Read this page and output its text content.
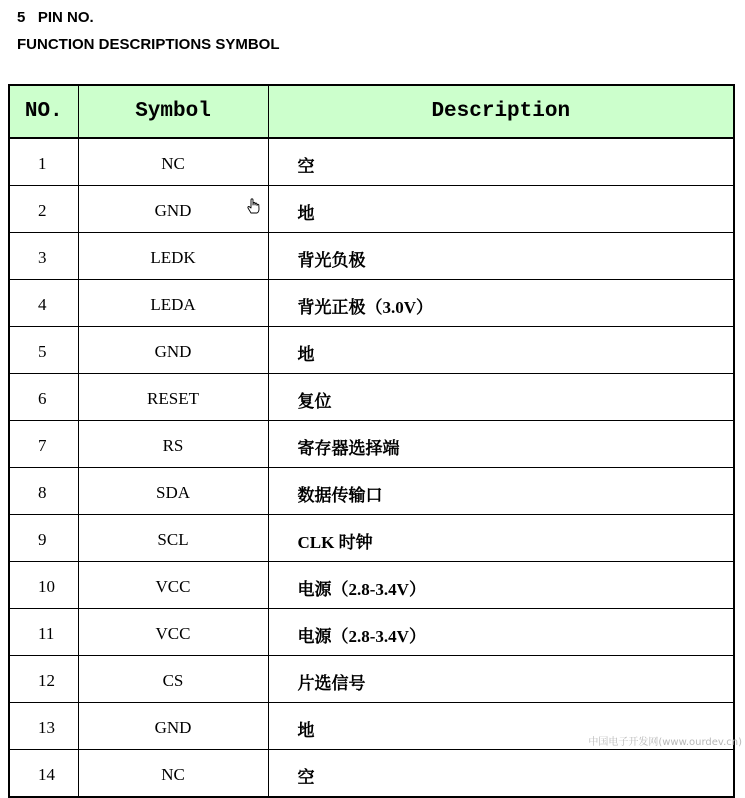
5   PIN NO.
FUNCTION DESCRIPTIONS SYMBOL
NO.	Symbol	Description
1	NC	空
2	GND	地
3	LEDK	背光负极
4	LEDA	背光正极（3.0V）
5	GND	地
6	RESET	复位
7	RS	寄存器选择端
8	SDA	数据传输口
9	SCL	CLK 时钟
10	VCC	电源（2.8-3.4V）
11	VCC	电源（2.8-3.4V）
12	CS	片选信号
13	GND	地
14	NC	空
中国电子开发网(www.ourdev.cn)
